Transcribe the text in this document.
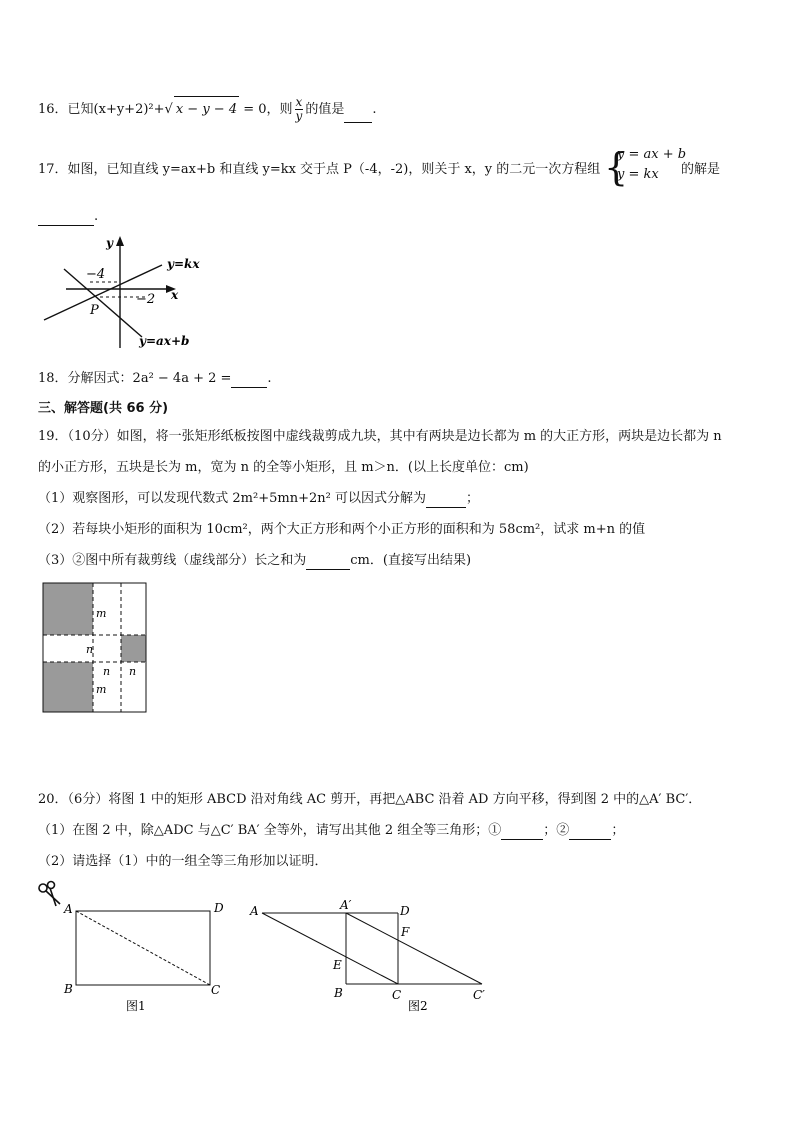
16．已知(x+y+2)²+√ x − y − 4 = 0，则 $\frac{x}{y}$ 的值是 .
17．如图，已知直线 y=ax+b 和直线 y=kx 交于点 P（-4，-2)，则关于 x，y 的二元一次方程组 {
y = ax + b
y = kx	的解是
.
y
x
−4
−2
P
y=kx
y=ax+b
18．分解因式：2a² − 4a + 2 =	.
三、解答题(共 66 分)
19．（10分）如图，将一张矩形纸板按图中虚线裁剪成九块，其中有两块是边长都为 m 的大正方形，两块是边长都为 n
的小正方形，五块是长为 m，宽为 n 的全等小矩形，且 m＞n．(以上长度单位：cm)
（1）观察图形，可以发现代数式 2m²+5mn+2n² 可以因式分解为	；
（2）若每块小矩形的面积为 10cm²，两个大正方形和两个小正方形的面积和为 58cm²，试求 m+n 的值
（3）②图中所有裁剪线（虚线部分）长之和为	cm．(直接写出结果)
m
n
n n
m
20．（6分）将图 1 中的矩形 ABCD 沿对角线 AC 剪开，再把△ABC 沿着 AD 方向平移，得到图 2 中的△A′ BC′．
（1）在图 2 中，除△ADC 与△C′ BA′ 全等外，请写出其他 2 组全等三角形；①	；②	；
（2）请选择（1）中的一组全等三角形加以证明．
A
B	C
D
图1
A	A′	D
F
E
B	C	C′
图2
